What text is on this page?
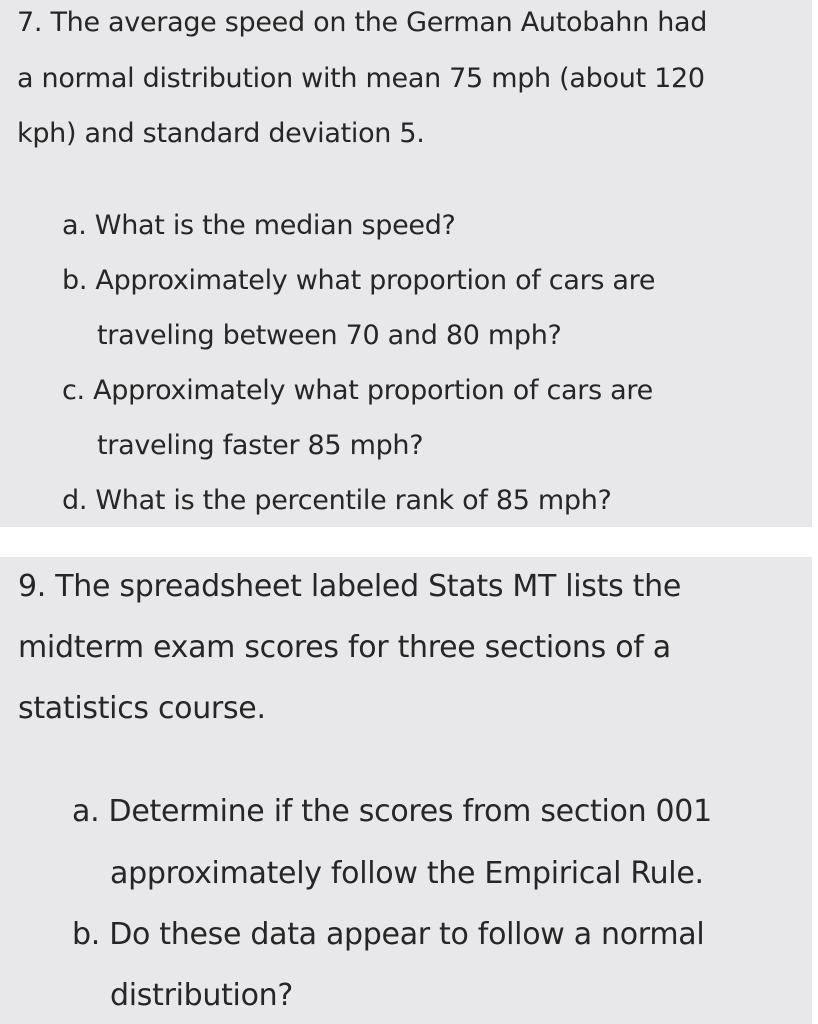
7. The average speed on the German Autobahn had
a normal distribution with mean 75 mph (about 120
kph) and standard deviation 5.
a. What is the median speed?
b. Approximately what proportion of cars are
traveling between 70 and 80 mph?
c. Approximately what proportion of cars are
traveling faster 85 mph?
d. What is the percentile rank of 85 mph?
9. The spreadsheet labeled Stats MT lists the
midterm exam scores for three sections of a
statistics course.
a. Determine if the scores from section 001
approximately follow the Empirical Rule.
b. Do these data appear to follow a normal
distribution?
